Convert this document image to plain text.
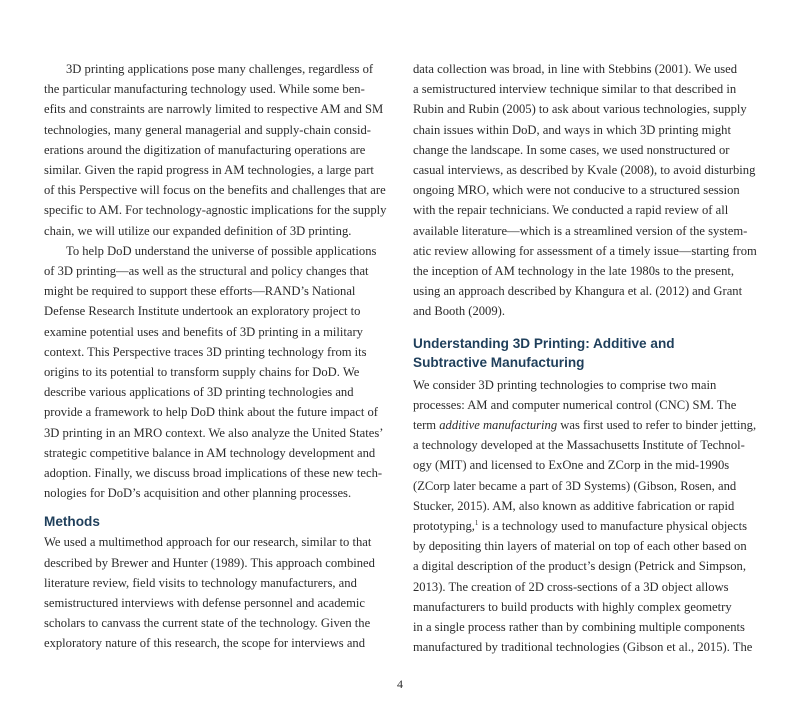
3D printing applications pose many challenges, regardless of
the particular manufacturing technology used. While some ben-
efits and constraints are narrowly limited to respective AM and SM
technologies, many general managerial and supply-chain consid-
erations around the digitization of manufacturing operations are
similar. Given the rapid progress in AM technologies, a large part
of this Perspective will focus on the benefits and challenges that are
specific to AM. For technology-agnostic implications for the supply
chain, we will utilize our expanded definition of 3D printing.
To help DoD understand the universe of possible applications
of 3D printing—as well as the structural and policy changes that
might be required to support these efforts—RAND’s National
Defense Research Institute undertook an exploratory project to
examine potential uses and benefits of 3D printing in a military
context. This Perspective traces 3D printing technology from its
origins to its potential to transform supply chains for DoD. We
describe various applications of 3D printing technologies and
provide a framework to help DoD think about the future impact of
3D printing in an MRO context. We also analyze the United States’
strategic competitive balance in AM technology development and
adoption. Finally, we discuss broad implications of these new tech-
nologies for DoD’s acquisition and other planning processes.
Methods
We used a multimethod approach for our research, similar to that
described by Brewer and Hunter (1989). This approach combined
literature review, field visits to technology manufacturers, and
semistructured interviews with defense personnel and academic
scholars to canvass the current state of the technology. Given the
exploratory nature of this research, the scope for interviews and
data collection was broad, in line with Stebbins (2001). We used
a semistructured interview technique similar to that described in
Rubin and Rubin (2005) to ask about various technologies, supply
chain issues within DoD, and ways in which 3D printing might
change the landscape. In some cases, we used nonstructured or
casual interviews, as described by Kvale (2008), to avoid disturbing
ongoing MRO, which were not conducive to a structured session
with the repair technicians. We conducted a rapid review of all
available literature—which is a streamlined version of the system-
atic review allowing for assessment of a timely issue—starting from
the inception of AM technology in the late 1980s to the present,
using an approach described by Khangura et al. (2012) and Grant
and Booth (2009).
Understanding 3D Printing: Additive and
Subtractive Manufacturing
We consider 3D printing technologies to comprise two main
processes: AM and computer numerical control (CNC) SM. The
term additive manufacturing was first used to refer to binder jetting,
a technology developed at the Massachusetts Institute of Technol-
ogy (MIT) and licensed to ExOne and ZCorp in the mid-1990s
(ZCorp later became a part of 3D Systems) (Gibson, Rosen, and
Stucker, 2015). AM, also known as additive fabrication or rapid
prototyping,$^1$ is a technology used to manufacture physical objects
by depositing thin layers of material on top of each other based on
a digital description of the product’s design (Petrick and Simpson,
2013). The creation of 2D cross-sections of a 3D object allows
manufacturers to build products with highly complex geometry
in a single process rather than by combining multiple components
manufactured by traditional technologies (Gibson et al., 2015). The
4
